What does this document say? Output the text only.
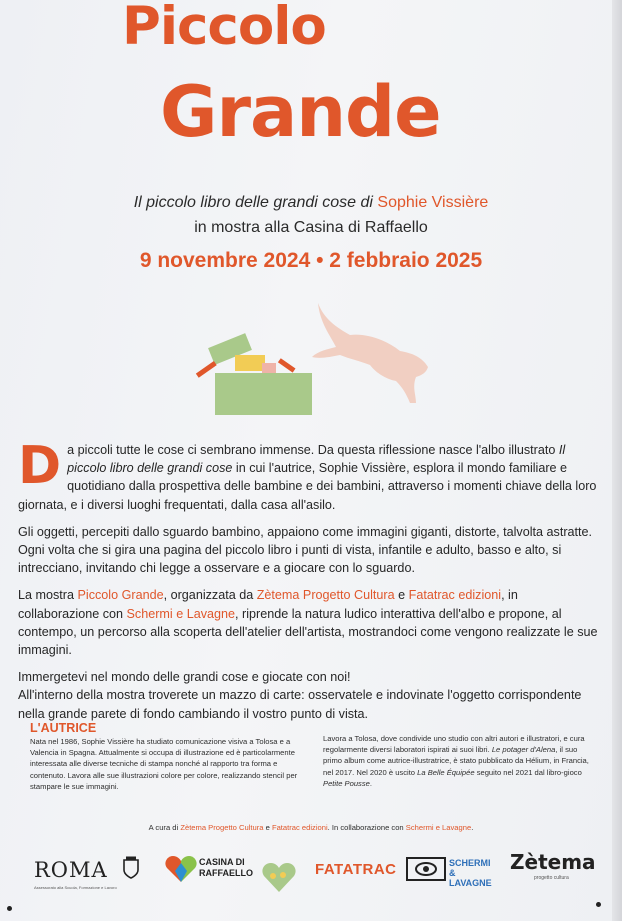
Piccolo
Grande
Il piccolo libro delle grandi cose di Sophie Vissière
in mostra alla Casina di Raffaello
9 novembre 2024 • 2 febbraio 2025

Da piccoli tutte le cose ci sembrano immense. Da questa riflessione nasce l'albo illustrato Il piccolo libro delle grandi cose in cui l'autrice, Sophie Vissière, esplora il mondo familiare e quotidiano dalla prospettiva delle bambine e dei bambini, attraverso i momenti chiave della loro giornata, e i diversi luoghi frequentati, dalla casa all'asilo.

Gli oggetti, percepiti dallo sguardo bambino, appaiono come immagini giganti, distorte, talvolta astratte. Ogni volta che si gira una pagina del piccolo libro i punti di vista, infantile e adulto, basso e alto, si intrecciano, invitando chi legge a osservare e a giocare con lo sguardo.

La mostra Piccolo Grande, organizzata da Zètema Progetto Cultura e Fatatrac edizioni, in collaborazione con Schermi e Lavagne, riprende la natura ludico interattiva dell'albo e propone, al contempo, un percorso alla scoperta dell'atelier dell'artista, mostrandoci come vengono realizzate le sue immagini.

Immergetevi nel mondo delle grandi cose e giocate con noi!
All'interno della mostra troverete un mazzo di carte: osservatele e indovinate l'oggetto corrispondente nella grande parete di fondo cambiando il vostro punto di vista.

L'AUTRICE
Nata nel 1986, Sophie Vissière ha studiato comunicazione visiva a Tolosa e a Valencia in Spagna. Attualmente si occupa di illustrazione ed è particolarmente interessata alle diverse tecniche di stampa nonché al rapporto tra forma e contenuto. Lavora alle sue illustrazioni colore per colore, realizzando stencil per stampare le sue immagini.
Lavora a Tolosa, dove condivide uno studio con altri autori e illustratori, e cura regolarmente diversi laboratori ispirati ai suoi libri. Le potager d'Alena, il suo primo album come autrice-illustratrice, è stato pubblicato da Hélium, in Francia, nel 2017. Nel 2020 è uscito La Belle Équipée seguito nel 2021 dal libro-gioco Petite Pousse.
A cura di Zètema Progetto Cultura e Fatatrac edizioni. In collaborazione con Schermi e Lavagne.
ROMA
Assessorato alla Scuola, Formazione e Lavoro
CASINA DI
RAFFAELLO	FATATRAC	SCHERMI
& LAVAGNE
Zètema
progetto cultura
